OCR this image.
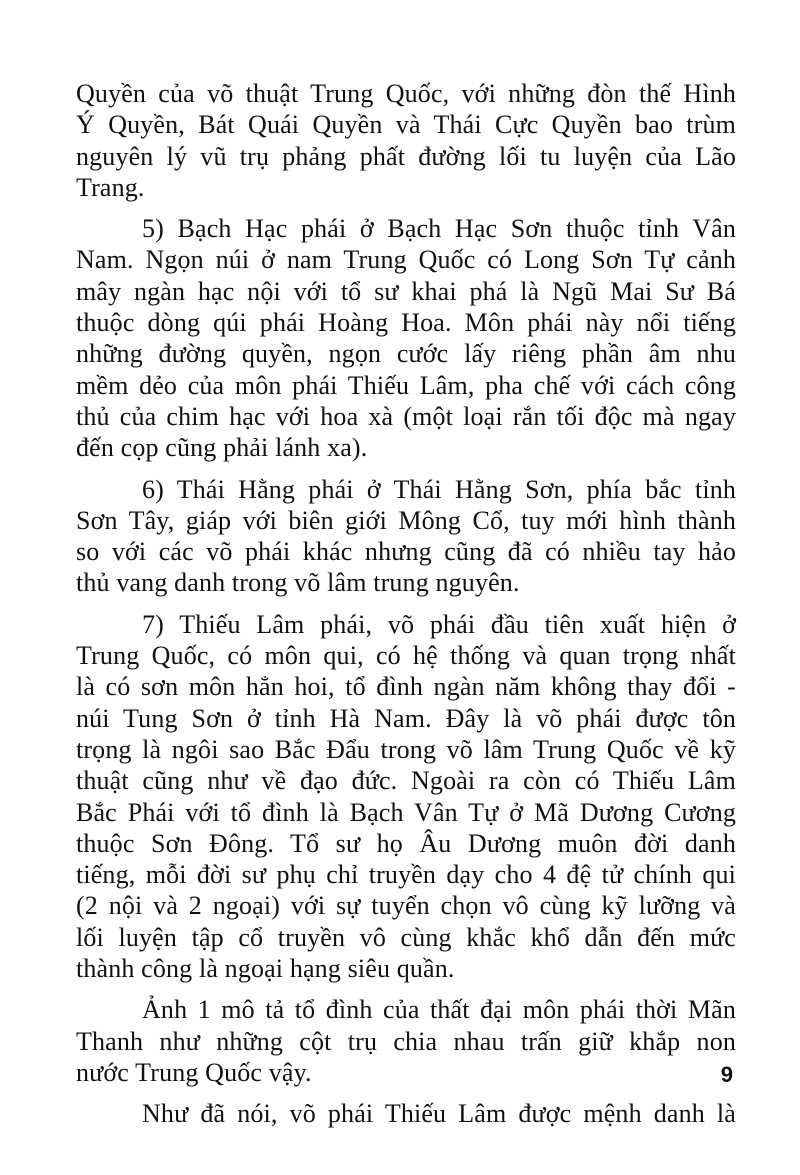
Quyền của võ thuật Trung Quốc, với những đòn thế Hình
Ý Quyền, Bát Quái Quyền và Thái Cực Quyền bao trùm
nguyên lý vũ trụ phảng phất đường lối tu luyện của Lão
Trang.

5) Bạch Hạc phái ở Bạch Hạc Sơn thuộc tỉnh Vân
Nam. Ngọn núi ở nam Trung Quốc có Long Sơn Tự cảnh
mây ngàn hạc nội với tổ sư khai phá là Ngũ Mai Sư Bá
thuộc dòng qúi phái Hoàng Hoa. Môn phái này nổi tiếng
những đường quyền, ngọn cước lấy riêng phần âm nhu
mềm dẻo của môn phái Thiếu Lâm, pha chế với cách công
thủ của chim hạc với hoa xà (một loại rắn tối độc mà ngay
đến cọp cũng phải lánh xa).

6) Thái Hằng phái ở Thái Hằng Sơn, phía bắc tỉnh
Sơn Tây, giáp với biên giới Mông Cổ, tuy mới hình thành
so với các võ phái khác nhưng cũng đã có nhiều tay hảo
thủ vang danh trong võ lâm trung nguyên.

7) Thiếu Lâm phái, võ phái đầu tiên xuất hiện ở
Trung Quốc, có môn qui, có hệ thống và quan trọng nhất
là có sơn môn hẳn hoi, tổ đình ngàn năm không thay đổi -
núi Tung Sơn ở tỉnh Hà Nam. Đây là võ phái được tôn
trọng là ngôi sao Bắc Đẩu trong võ lâm Trung Quốc về kỹ
thuật cũng như về đạo đức. Ngoài ra còn có Thiếu Lâm
Bắc Phái với tổ đình là Bạch Vân Tự ở Mã Dương Cương
thuộc Sơn Đông. Tổ sư họ Âu Dương muôn đời danh
tiếng, mỗi đời sư phụ chỉ truyền dạy cho 4 đệ tử chính qui
(2 nội và 2 ngoại) với sự tuyển chọn vô cùng kỹ lưỡng và
lối luyện tập cổ truyền vô cùng khắc khổ dẫn đến mức
thành công là ngoại hạng siêu quần.

Ảnh 1 mô tả tổ đình của thất đại môn phái thời Mãn
Thanh như những cột trụ chia nhau trấn giữ khắp non
nước Trung Quốc vậy.

Như đã nói, võ phái Thiếu Lâm được mệnh danh là

9
